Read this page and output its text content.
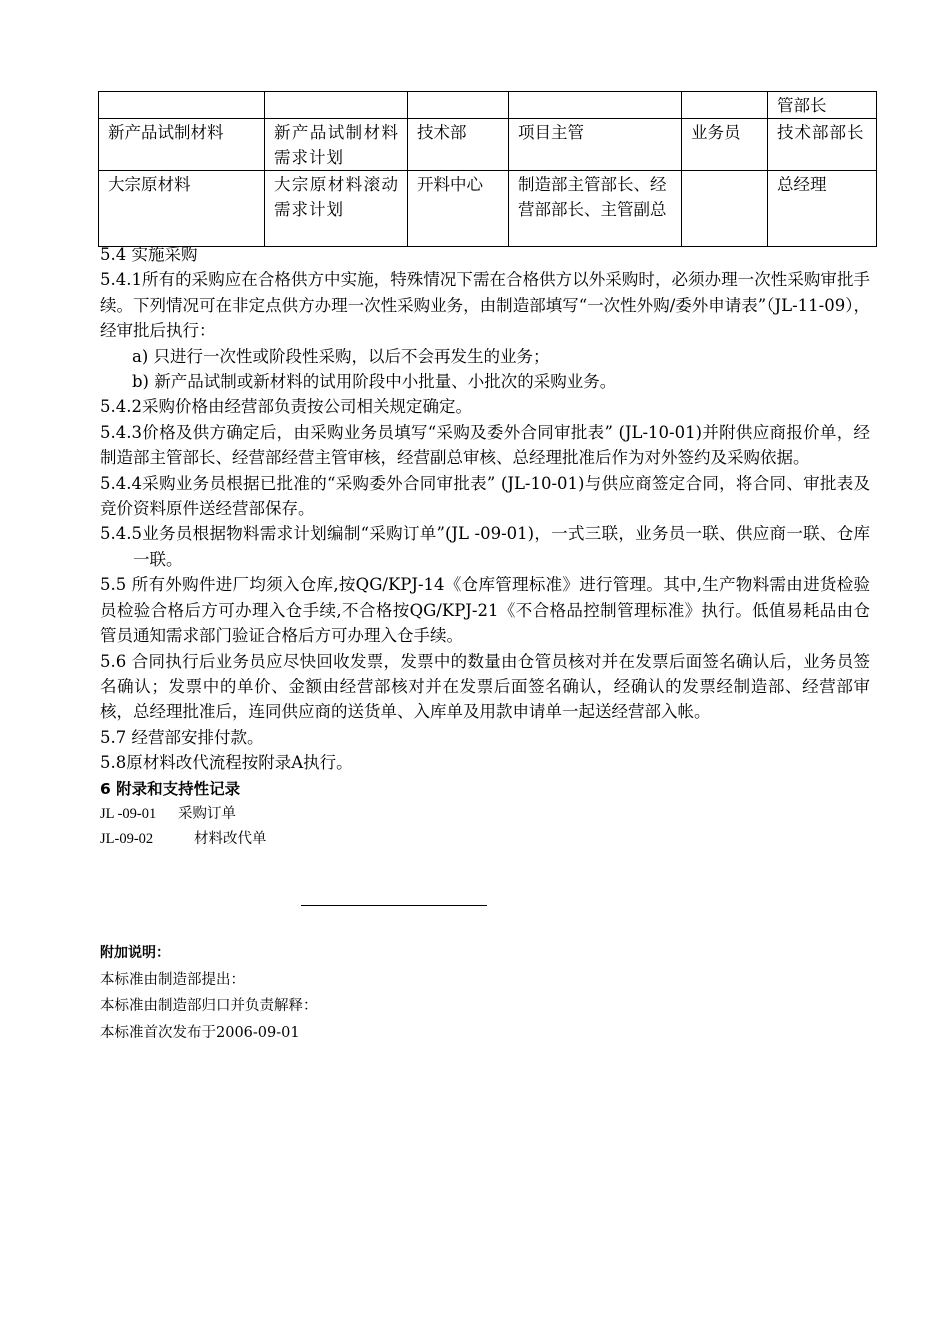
					管部长
新产品试制材料	新产品试制材料需求计划	技术部	项目主管	业务员	技术部部长
大宗原材料	大宗原材料滚动需求计划	开料中心	制造部主管部长、经营部部长、主管副总		总经理

5.4 实施采购

5.4.1所有的采购应在合格供方中实施，特殊情况下需在合格供方以外采购时，必须办理一次性采购审批手续。下列情况可在非定点供方办理一次性采购业务，由制造部填写“一次性外购/委外申请表”（JL-11-09），经审批后执行：

a) 只进行一次性或阶段性采购，以后不会再发生的业务；

b) 新产品试制或新材料的试用阶段中小批量、小批次的采购业务。

5.4.2采购价格由经营部负责按公司相关规定确定。

5.4.3价格及供方确定后，由采购业务员填写“采购及委外合同审批表” (JL-10-01)并附供应商报价单，经制造部主管部长、经营部经营主管审核，经营副总审核、总经理批准后作为对外签约及采购依据。

5.4.4采购业务员根据已批准的“采购委外合同审批表” (JL-10-01)与供应商签定合同，将合同、审批表及竞价资料原件送经营部保存。

5.4.5业务员根据物料需求计划编制“采购订单”(JL -09-01)，一式三联，业务员一联、供应商一联、仓库一联。

5.5 所有外购件进厂均须入仓库,按QG/KPJ-14《仓库管理标准》进行管理。其中,生产物料需由进货检验员检验合格后方可办理入仓手续,不合格按QG/KPJ-21《不合格品控制管理标准》执行。低值易耗品由仓管员通知需求部门验证合格后方可办理入仓手续。

5.6 合同执行后业务员应尽快回收发票，发票中的数量由仓管员核对并在发票后面签名确认后，业务员签名确认；发票中的单价、金额由经营部核对并在发票后面签名确认，经确认的发票经制造部、经营部审核，总经理批准后，连同供应商的送货单、入库单及用款申请单一起送经营部入帐。

5.7 经营部安排付款。

5.8原材料改代流程按附录A执行。

6 附录和支持性记录

JL -09-01 采购订单

JL-09-02	材料改代单

附加说明：

本标准由制造部提出：

本标准由制造部归口并负责解释：

本标准首次发布于2006-09-01
